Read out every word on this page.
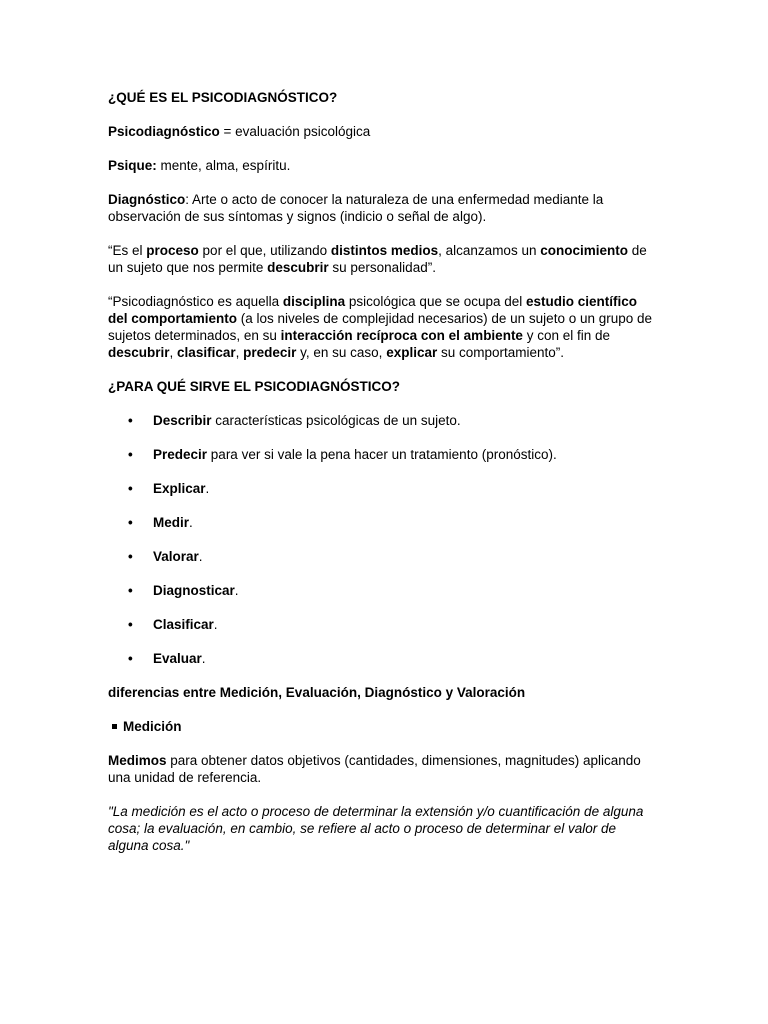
¿QUÉ ES EL PSICODIAGNÓSTICO?

Psicodiagnóstico = evaluación psicológica

Psique: mente, alma, espíritu.

Diagnóstico: Arte o acto de conocer la naturaleza de una enfermedad mediante la observación de sus síntomas y signos (indicio o señal de algo).

“Es el proceso por el que, utilizando distintos medios, alcanzamos un conocimiento de un sujeto que nos permite descubrir su personalidad”.

“Psicodiagnóstico es aquella disciplina psicológica que se ocupa del estudio científico del comportamiento (a los niveles de complejidad necesarios) de un sujeto o un grupo de sujetos determinados, en su interacción recíproca con el ambiente y con el fin de descubrir, clasificar, predecir y, en su caso, explicar su comportamiento”.

¿PARA QUÉ SIRVE EL PSICODIAGNÓSTICO?

• Describir características psicológicas de un sujeto.
• Predecir para ver si vale la pena hacer un tratamiento (pronóstico).
• Explicar.
• Medir.
• Valorar.
• Diagnosticar.
• Clasificar.
• Evaluar.

diferencias entre Medición, Evaluación, Diagnóstico y Valoración

Medición

Medimos para obtener datos objetivos (cantidades, dimensiones, magnitudes) aplicando una unidad de referencia.

"La medición es el acto o proceso de determinar la extensión y/o cuantificación de alguna cosa; la evaluación, en cambio, se refiere al acto o proceso de determinar el valor de alguna cosa."
